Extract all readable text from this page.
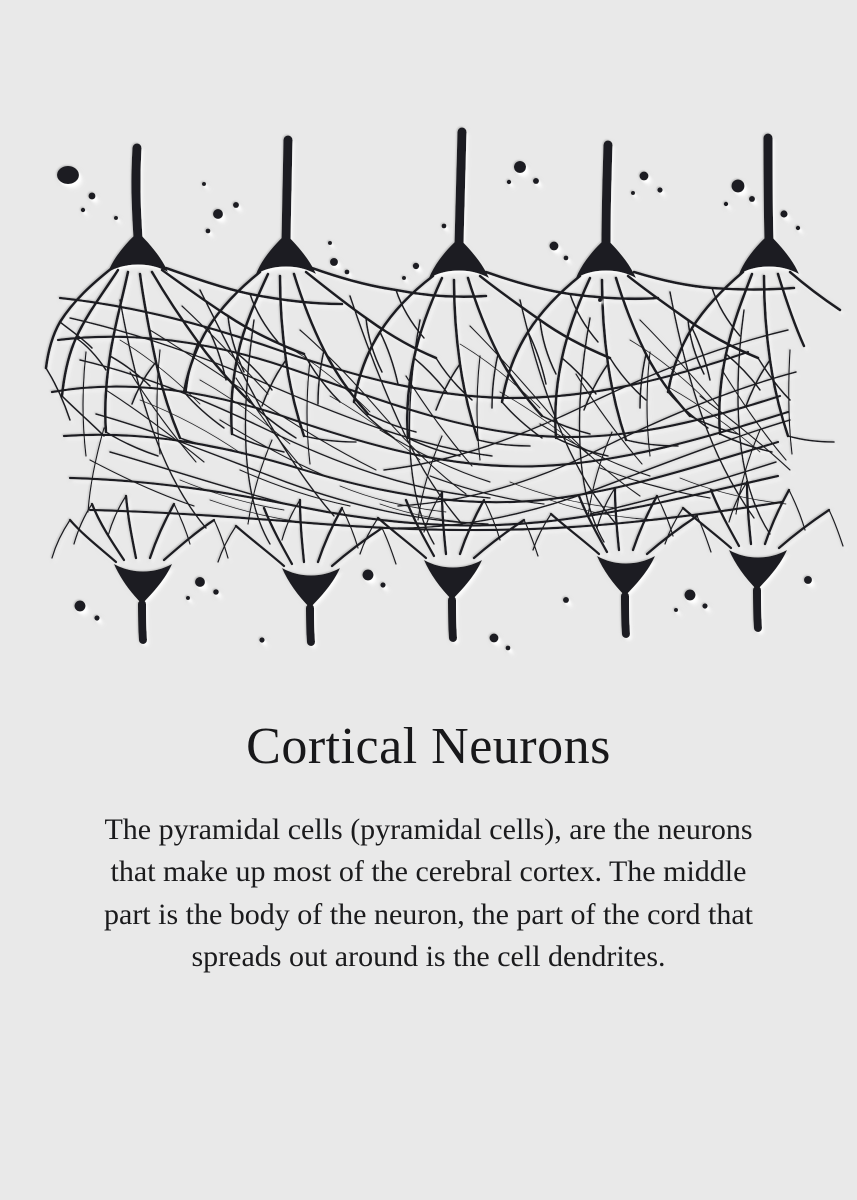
Cortical Neurons

The pyramidal cells (pyramidal cells), are the neurons that make up most of the cerebral cortex. The middle part is the body of the neuron, the part of the cord that spreads out around is the cell dendrites.
